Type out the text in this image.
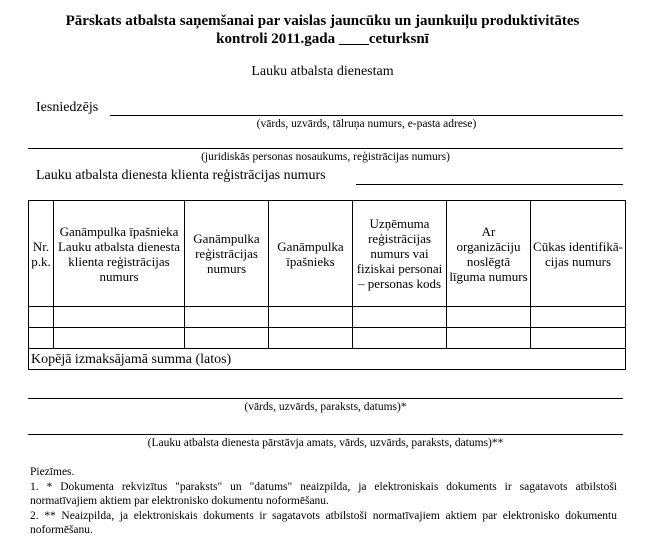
Pārskats atbalsta saņemšanai par vaislas jauncūku un jaunkuiļu produktivitātes
kontroli 2011.gada ____ceturksnī
Lauku atbalsta dienestam
Iesniedzējs
(vārds, uzvārds, tālruņa numurs, e-pasta adrese)
(juridiskās personas nosaukums, reģistrācijas numurs)
Lauku atbalsta dienesta klienta reģistrācijas numurs
Nr. p.k.	Ganāmpulka īpašnieka Lauku atbalsta dienesta klienta reģistrācijas numurs	Ganāmpulka reģistrācijas numurs	Ganāmpulka īpašnieks	Uzņēmuma reģistrācijas numurs vai fiziskai personai – personas kods	Ar organizāciju noslēgtā līguma numurs	Cūkas identifikā-cijas numurs

Kopējā izmaksājamā summa (latos)						
(vārds, uzvārds, paraksts, datums)*
(Lauku atbalsta dienesta pārstāvja amats, vārds, uzvārds, paraksts, datums)**
Piezīmes.
1. * Dokumenta rekvizītus "paraksts" un "datums" neaizpilda, ja elektroniskais dokuments ir sagatavots atbilstoši normatīvajiem aktiem par elektronisko dokumentu noformēšanu.
2. ** Neaizpilda, ja elektroniskais dokuments ir sagatavots atbilstoši normatīvajiem aktiem par elektronisko dokumentu noformēšanu.
